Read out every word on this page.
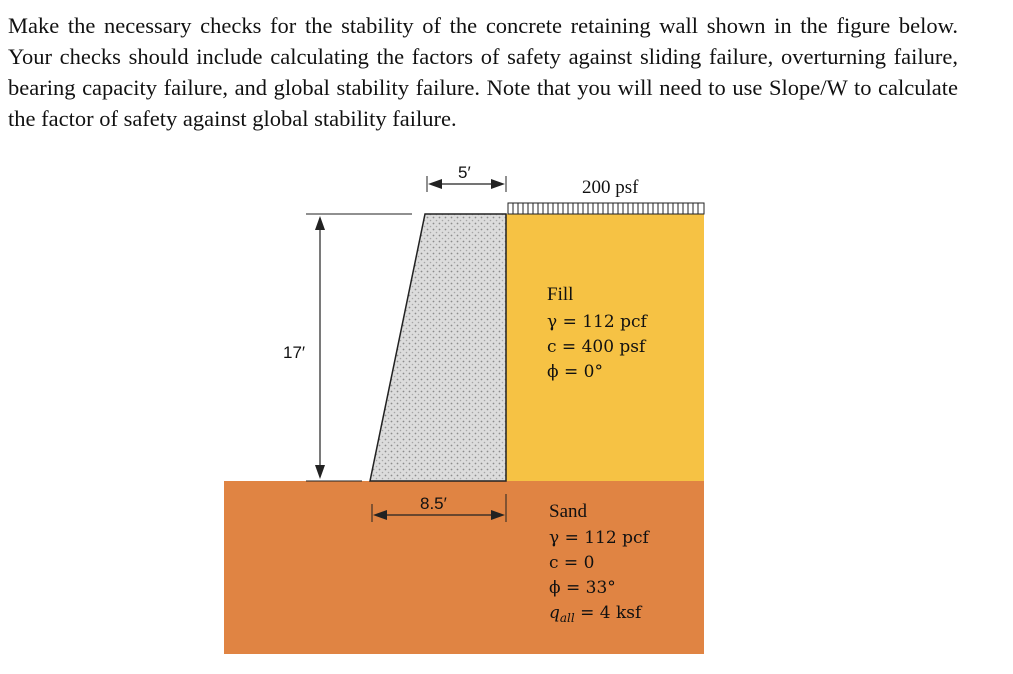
Make the necessary checks for the stability of the concrete retaining wall shown in the figure below. Your checks should include calculating the factors of safety against sliding failure, overturning failure, bearing capacity failure, and global stability failure. Note that you will need to use Slope/W to calculate the factor of safety against global stability failure.

17′
5′
8.5′
200 psf
Fill
γ = 112 pcf
c = 400 psf
ϕ = 0°
Sand
γ = 112 pcf
c = 0
ϕ = 33°
$q_{all} = 4$ ksf
